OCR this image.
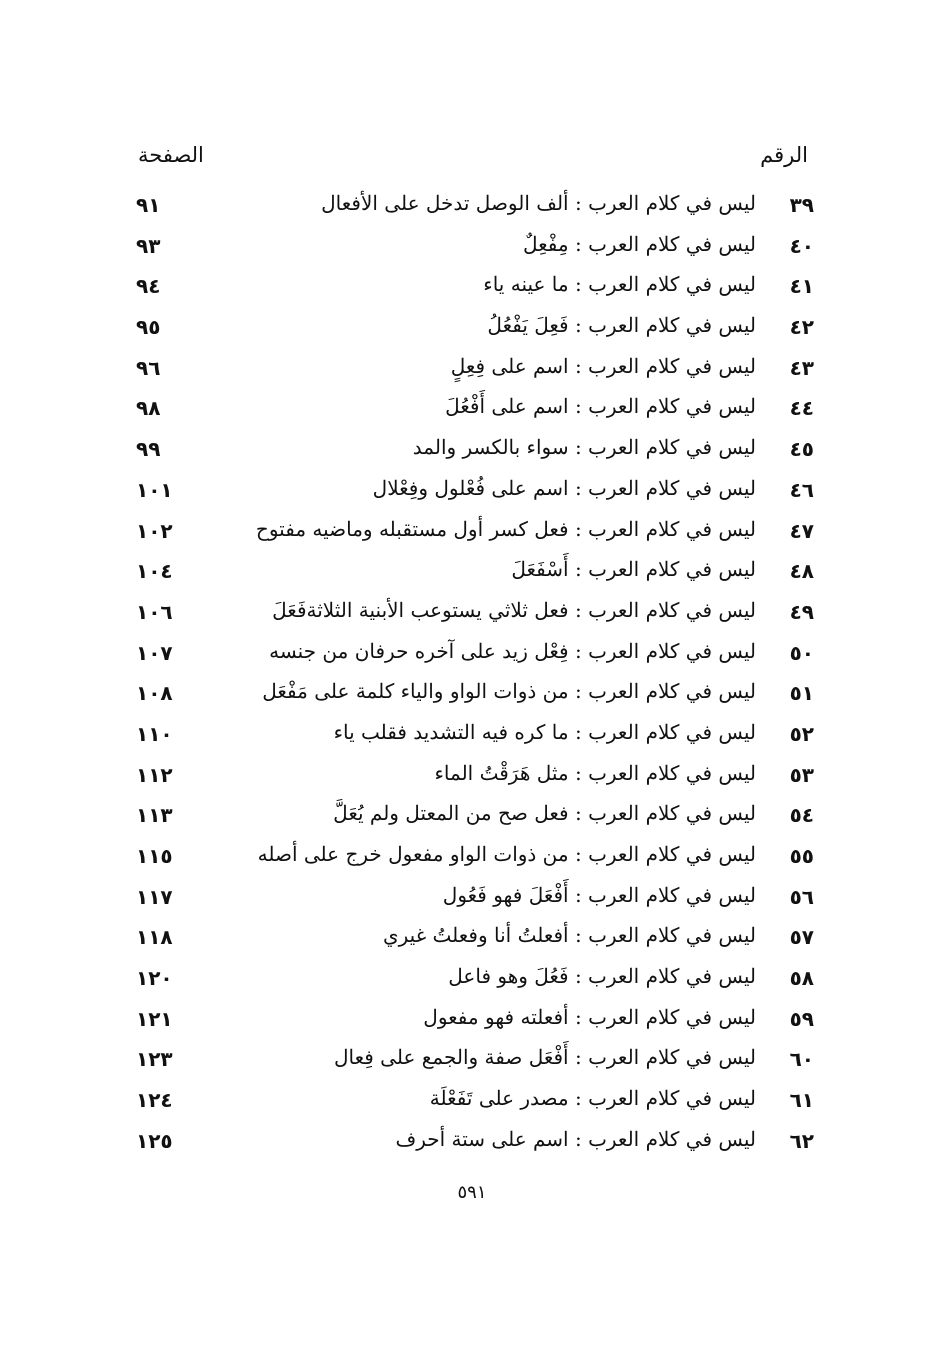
الرقم
الصفحة
٣٩
ليس في كلام العرب : ألف الوصل تدخل على الأفعال
٩١
٤٠
ليس في كلام العرب : مِفْعِلٌ
٩٣
٤١
ليس في كلام العرب : ما عينه ياء
٩٤
٤٢
ليس في كلام العرب : فَعِلَ يَفْعُلُ
٩٥
٤٣
ليس في كلام العرب : اسم على فِعِلٍ
٩٦
٤٤
ليس في كلام العرب : اسم على أَفْعُلَ
٩٨
٤٥
ليس في كلام العرب : سواء بالكسر والمد
٩٩
٤٦
ليس في كلام العرب : اسم على فُعْلول وفِعْلال
١٠١
٤٧
ليس في كلام العرب : فعل كسر أول مستقبله وماضيه مفتوح
١٠٢
٤٨
ليس في كلام العرب : أَسْفَعَلَ
١٠٤
٤٩
ليس في كلام العرب : فعل ثلاثي يستوعب الأبنية الثلاثةفَعَلَ
١٠٦
٥٠
ليس في كلام العرب : فِعْل زيد على آخره حرفان من جنسه
١٠٧
٥١
ليس في كلام العرب : من ذوات الواو والياء كلمة على مَفْعَل
١٠٨
٥٢
ليس في كلام العرب : ما كره فيه التشديد فقلب ياء
١١٠
٥٣
ليس في كلام العرب : مثل هَرَقْتُ الماء
١١٢
٥٤
ليس في كلام العرب : فعل صح من المعتل ولم يُعَلَّ
١١٣
٥٥
ليس في كلام العرب : من ذوات الواو مفعول خرج على أصله
١١٥
٥٦
ليس في كلام العرب : أَفْعَلَ فهو فَعُول
١١٧
٥٧
ليس في كلام العرب : أفعلتُ أنا وفعلتُ غيري
١١٨
٥٨
ليس في كلام العرب : فَعُلَ وهو فاعل
١٢٠
٥٩
ليس في كلام العرب : أفعلته فهو مفعول
١٢١
٦٠
ليس في كلام العرب : أَفْعَل صفة والجمع على فِعال
١٢٣
٦١
ليس في كلام العرب : مصدر على تَفَعْلَة
١٢٤
٦٢
ليس في كلام العرب : اسم على ستة أحرف
١٢٥
٥٩١
